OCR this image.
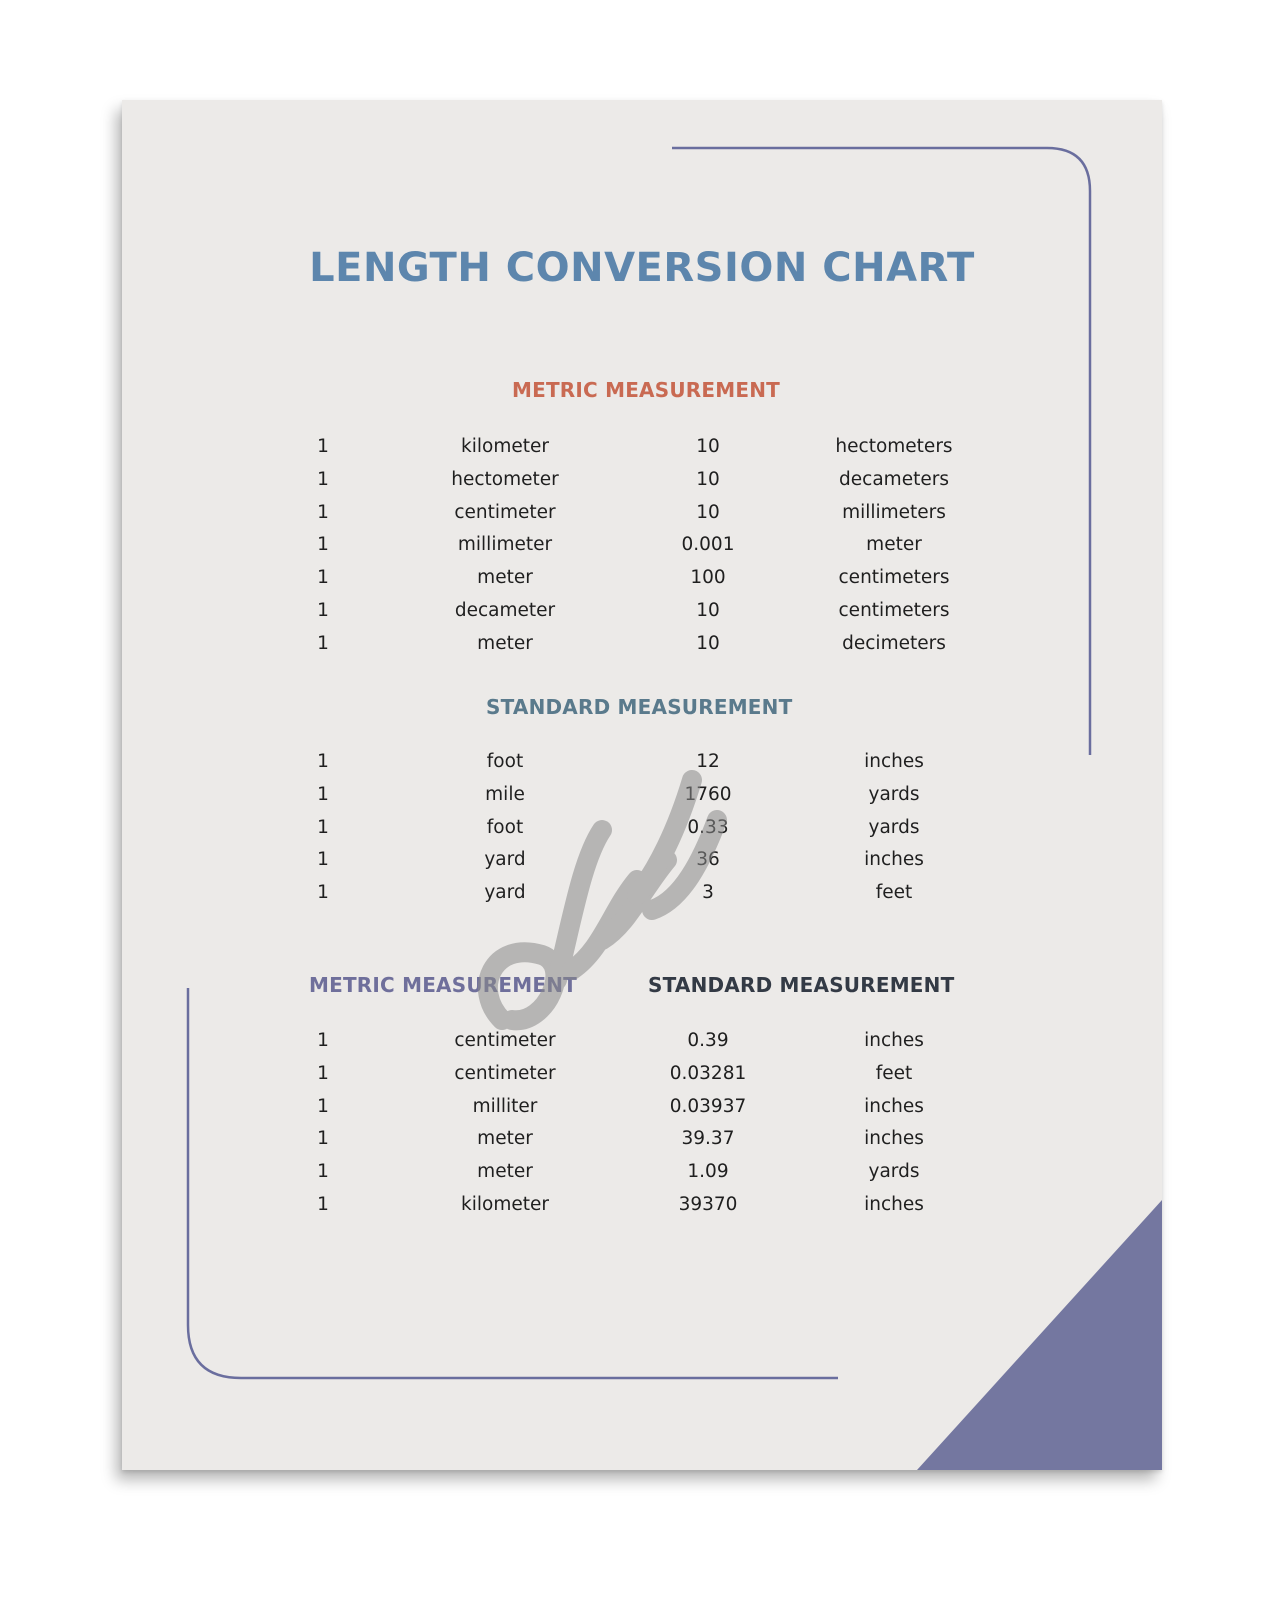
LENGTH CONVERSION CHART
METRIC MEASUREMENT
1	kilometer	10	hectometers
1	hectometer	10	decameters
1	centimeter	10	millimeters
1	millimeter	0.001	meter
1	meter	100	centimeters
1	decameter	10	centimeters
1	meter	10	decimeters
STANDARD MEASUREMENT
1	foot	12	inches
1	mile	1760	yards
1	foot	0.33	yards
1	yard	36	inches
1	yard	3	feet
METRIC MEASUREMENT	STANDARD MEASUREMENT
1	centimeter	0.39	inches
1	centimeter	0.03281	feet
1	milliter	0.03937	inches
1	meter	39.37	inches
1	meter	1.09	yards
1	kilometer	39370	inches
